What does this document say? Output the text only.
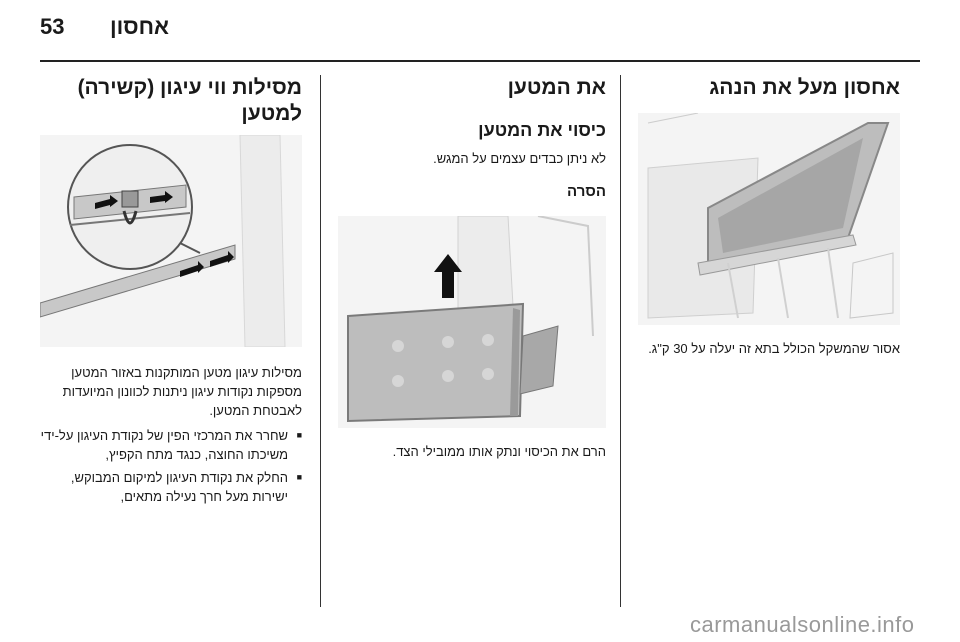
53 אחסון
אחסון מעל את הנהג

אסור שהמשקל הכולל בתא זה יעלה על 30 ק"ג.

את המטען
כיסוי את המטען

לא ניתן כבדים עצמים על המגש.

הסרה

הרם את הכיסוי ונתק אותו ממובילי הצד.

מסילות ווי עיגון (קשירה) למטען

מסילות עיגון מטען המותקנות באזור המטען מספקות נקודות עיגון ניתנות לכוונון המיועדות לאבטחת המטען.

■ שחרר את המרכזי הפין של נקודת העיגון על-ידי משיכתו החוצה, כנגד מתח הקפיץ,
■ החלק את נקודת העיגון למיקום המבוקש, ישירות מעל חרך נעילה מתאים,
carmanualsonline.info
